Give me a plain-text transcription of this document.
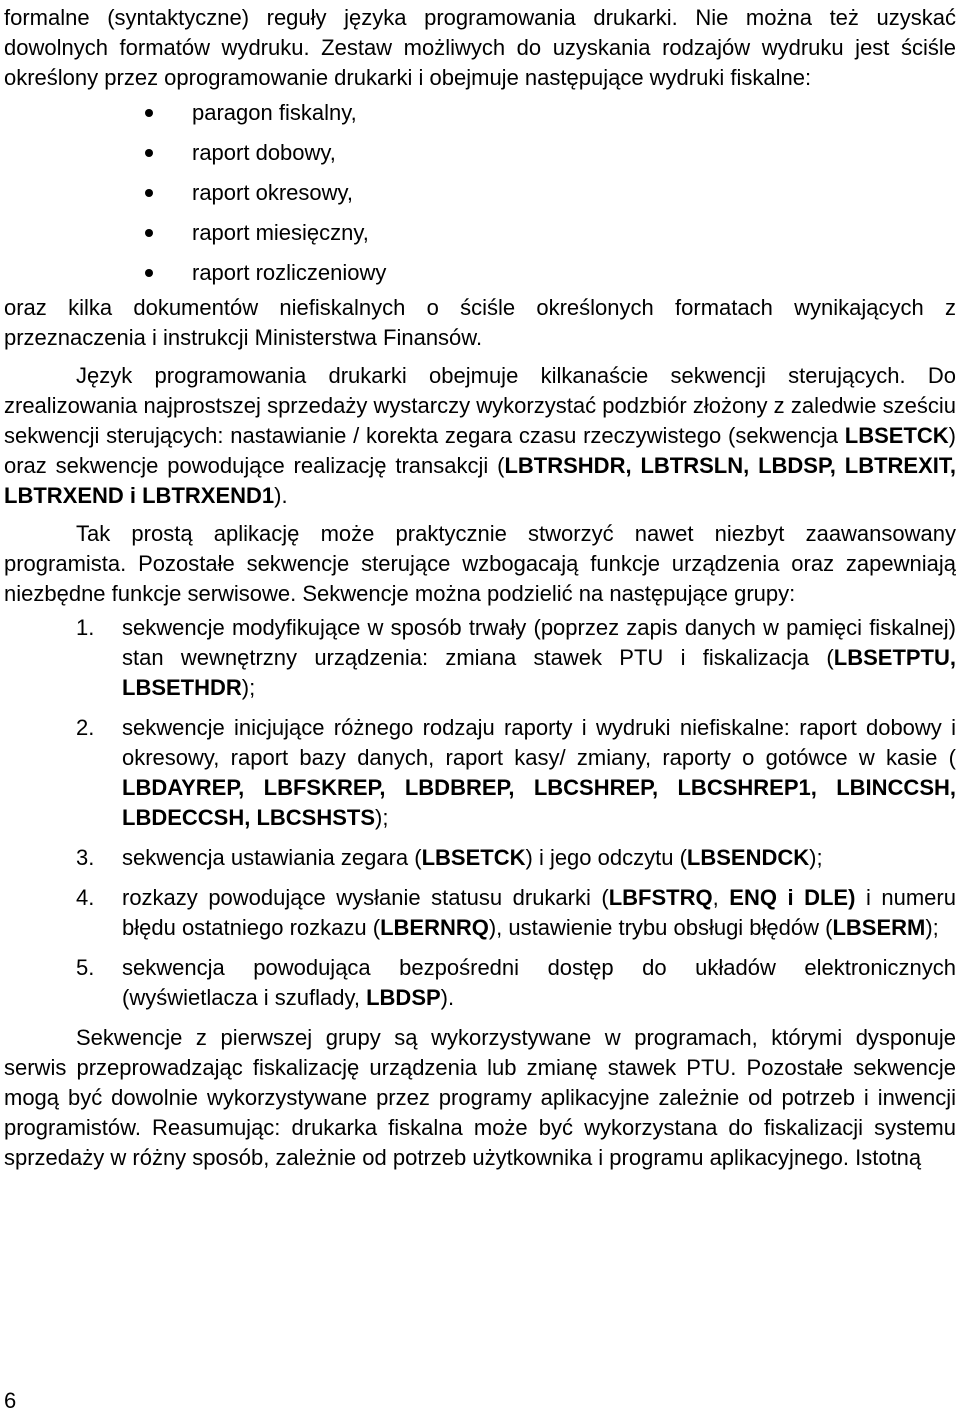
formalne (syntaktyczne) reguły języka programowania drukarki. Nie można też uzyskać dowolnych formatów wydruku. Zestaw możliwych do uzyskania rodzajów wydruku jest ściśle określony przez oprogramowanie drukarki i obejmuje następujące wydruki fiskalne:

paragon fiskalny,
raport dobowy,
raport okresowy,
raport miesięczny,
raport rozliczeniowy

oraz kilka dokumentów niefiskalnych o ściśle określonych formatach wynikających z przeznaczenia i instrukcji Ministerstwa Finansów.

Język programowania drukarki obejmuje kilkanaście sekwencji sterujących. Do zrealizowania najprostszej sprzedaży wystarczy wykorzystać podzbiór złożony z zaledwie sześciu sekwencji sterujących: nastawianie / korekta zegara czasu rzeczywistego (sekwencja LBSETCK) oraz sekwencje powodujące realizację transakcji (LBTRSHDR, LBTRSLN, LBDSP, LBTREXIT, LBTRXEND i LBTRXEND1).

Tak prostą aplikację może praktycznie stworzyć nawet niezbyt zaawansowany programista. Pozostałe sekwencje sterujące wzbogacają funkcje urządzenia oraz zapewniają niezbędne funkcje serwisowe. Sekwencje można podzielić na następujące grupy:

1. sekwencje modyfikujące w sposób trwały (poprzez zapis danych w pamięci fiskalnej) stan wewnętrzny urządzenia: zmiana stawek PTU i fiskalizacja (LBSETPTU, LBSETHDR);
2. sekwencje inicjujące różnego rodzaju raporty i wydruki niefiskalne: raport dobowy i okresowy, raport bazy danych, raport kasy/ zmiany, raporty o gotówce w kasie ( LBDAYREP, LBFSKREP, LBDBREP, LBCSHREP, LBCSHREP1, LBINCCSH, LBDECCSH, LBCSHSTS);
3. sekwencja ustawiania zegara (LBSETCK) i jego odczytu (LBSENDCK);
4. rozkazy powodujące wysłanie statusu drukarki (LBFSTRQ, ENQ i DLE) i numeru błędu ostatniego rozkazu (LBERNRQ), ustawienie trybu obsługi błędów (LBSERM);
5. sekwencja powodująca bezpośredni dostęp do układów elektronicznych (wyświetlacza i szuflady, LBDSP).

Sekwencje z pierwszej grupy są wykorzystywane w programach, którymi dysponuje serwis przeprowadzając fiskalizację urządzenia lub zmianę stawek PTU. Pozostałe sekwencje mogą być dowolnie wykorzystywane przez programy aplikacyjne zależnie od potrzeb i inwencji programistów. Reasumując: drukarka fiskalna może być wykorzystana do fiskalizacji systemu sprzedaży w różny sposób, zależnie od potrzeb użytkownika i programu aplikacyjnego. Istotną

6
